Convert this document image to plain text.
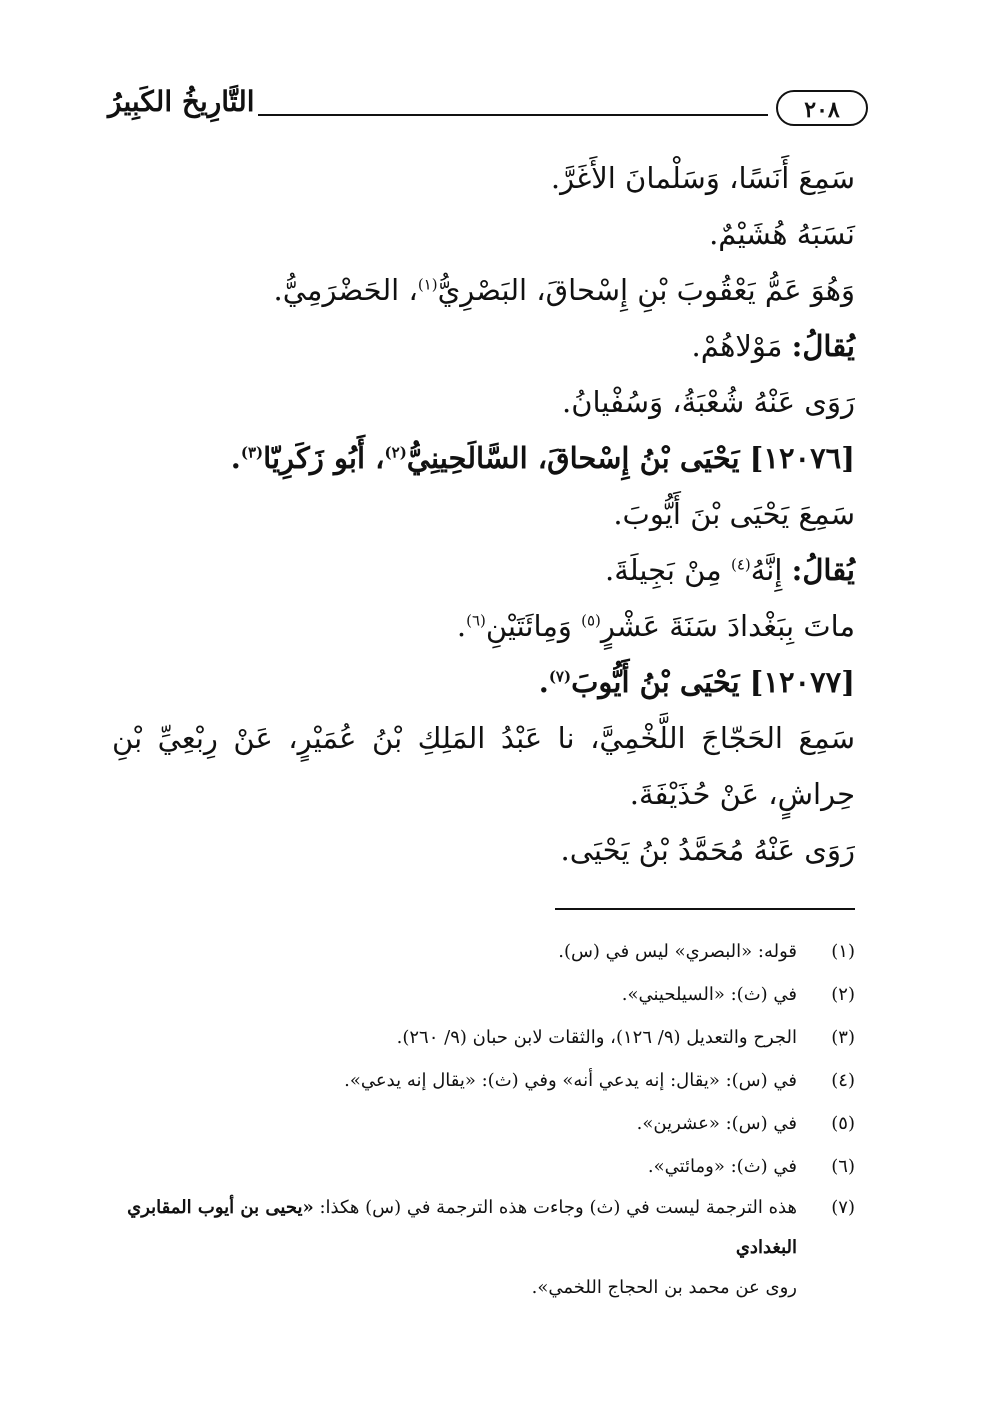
التَّارِيخُ الكَبِيرُ	٢٠٨
سَمِعَ أَنَسًا، وَسَلْمانَ الأَغَرَّ.
نَسَبَهُ هُشَيْمٌ.
وَهُوَ عَمُّ يَعْقُوبَ بْنِ إِسْحاقَ، البَصْرِيُّ$^{(١)}$، الحَضْرَمِيُّ.
يُقالُ: مَوْلاهُمْ.
رَوَى عَنْهُ شُعْبَةُ، وَسُفْيانُ.
[١٢٠٧٦] يَحْيَى بْنُ إِسْحاقَ، السَّالَحِينِيُّ$^{(٢)}$، أَبُو زَكَرِيّا$^{(٣)}$.
سَمِعَ يَحْيَى بْنَ أَيُّوبَ.
يُقالُ: إِنَّهُ$^{(٤)}$ مِنْ بَجِيلَةَ.
ماتَ بِبَغْدادَ سَنَةَ عَشْرٍ$^{(٥)}$ وَمِائَتَيْنِ$^{(٦)}$.
[١٢٠٧٧] يَحْيَى بْنُ أَيُّوبَ$^{(٧)}$.
سَمِعَ الحَجّاجَ اللَّخْمِيَّ، نا عَبْدُ المَلِكِ بْنُ عُمَيْرٍ، عَنْ رِبْعِيِّ بْنِ حِراشٍ، عَنْ حُذَيْفَةَ.
رَوَى عَنْهُ مُحَمَّدُ بْنُ يَحْيَى.
(١)
قوله: «البصري» ليس في (س).
(٢)
في (ث): «السيلحيني».
(٣)
الجرح والتعديل (٩/ ١٢٦)، والثقات لابن حبان (٩/ ٢٦٠).
(٤)
في (س): «يقال: إنه يدعي أنه» وفي (ث): «يقال إنه يدعي».
(٥)
في (س): «عشرين».
(٦)
في (ث): «ومائتي».
(٧)
هذه الترجمة ليست في (ث) وجاءت هذه الترجمة في (س) هكذا: «يحيى بن أيوب المقابري البغدادي
روى عن محمد بن الحجاج اللخمي».
